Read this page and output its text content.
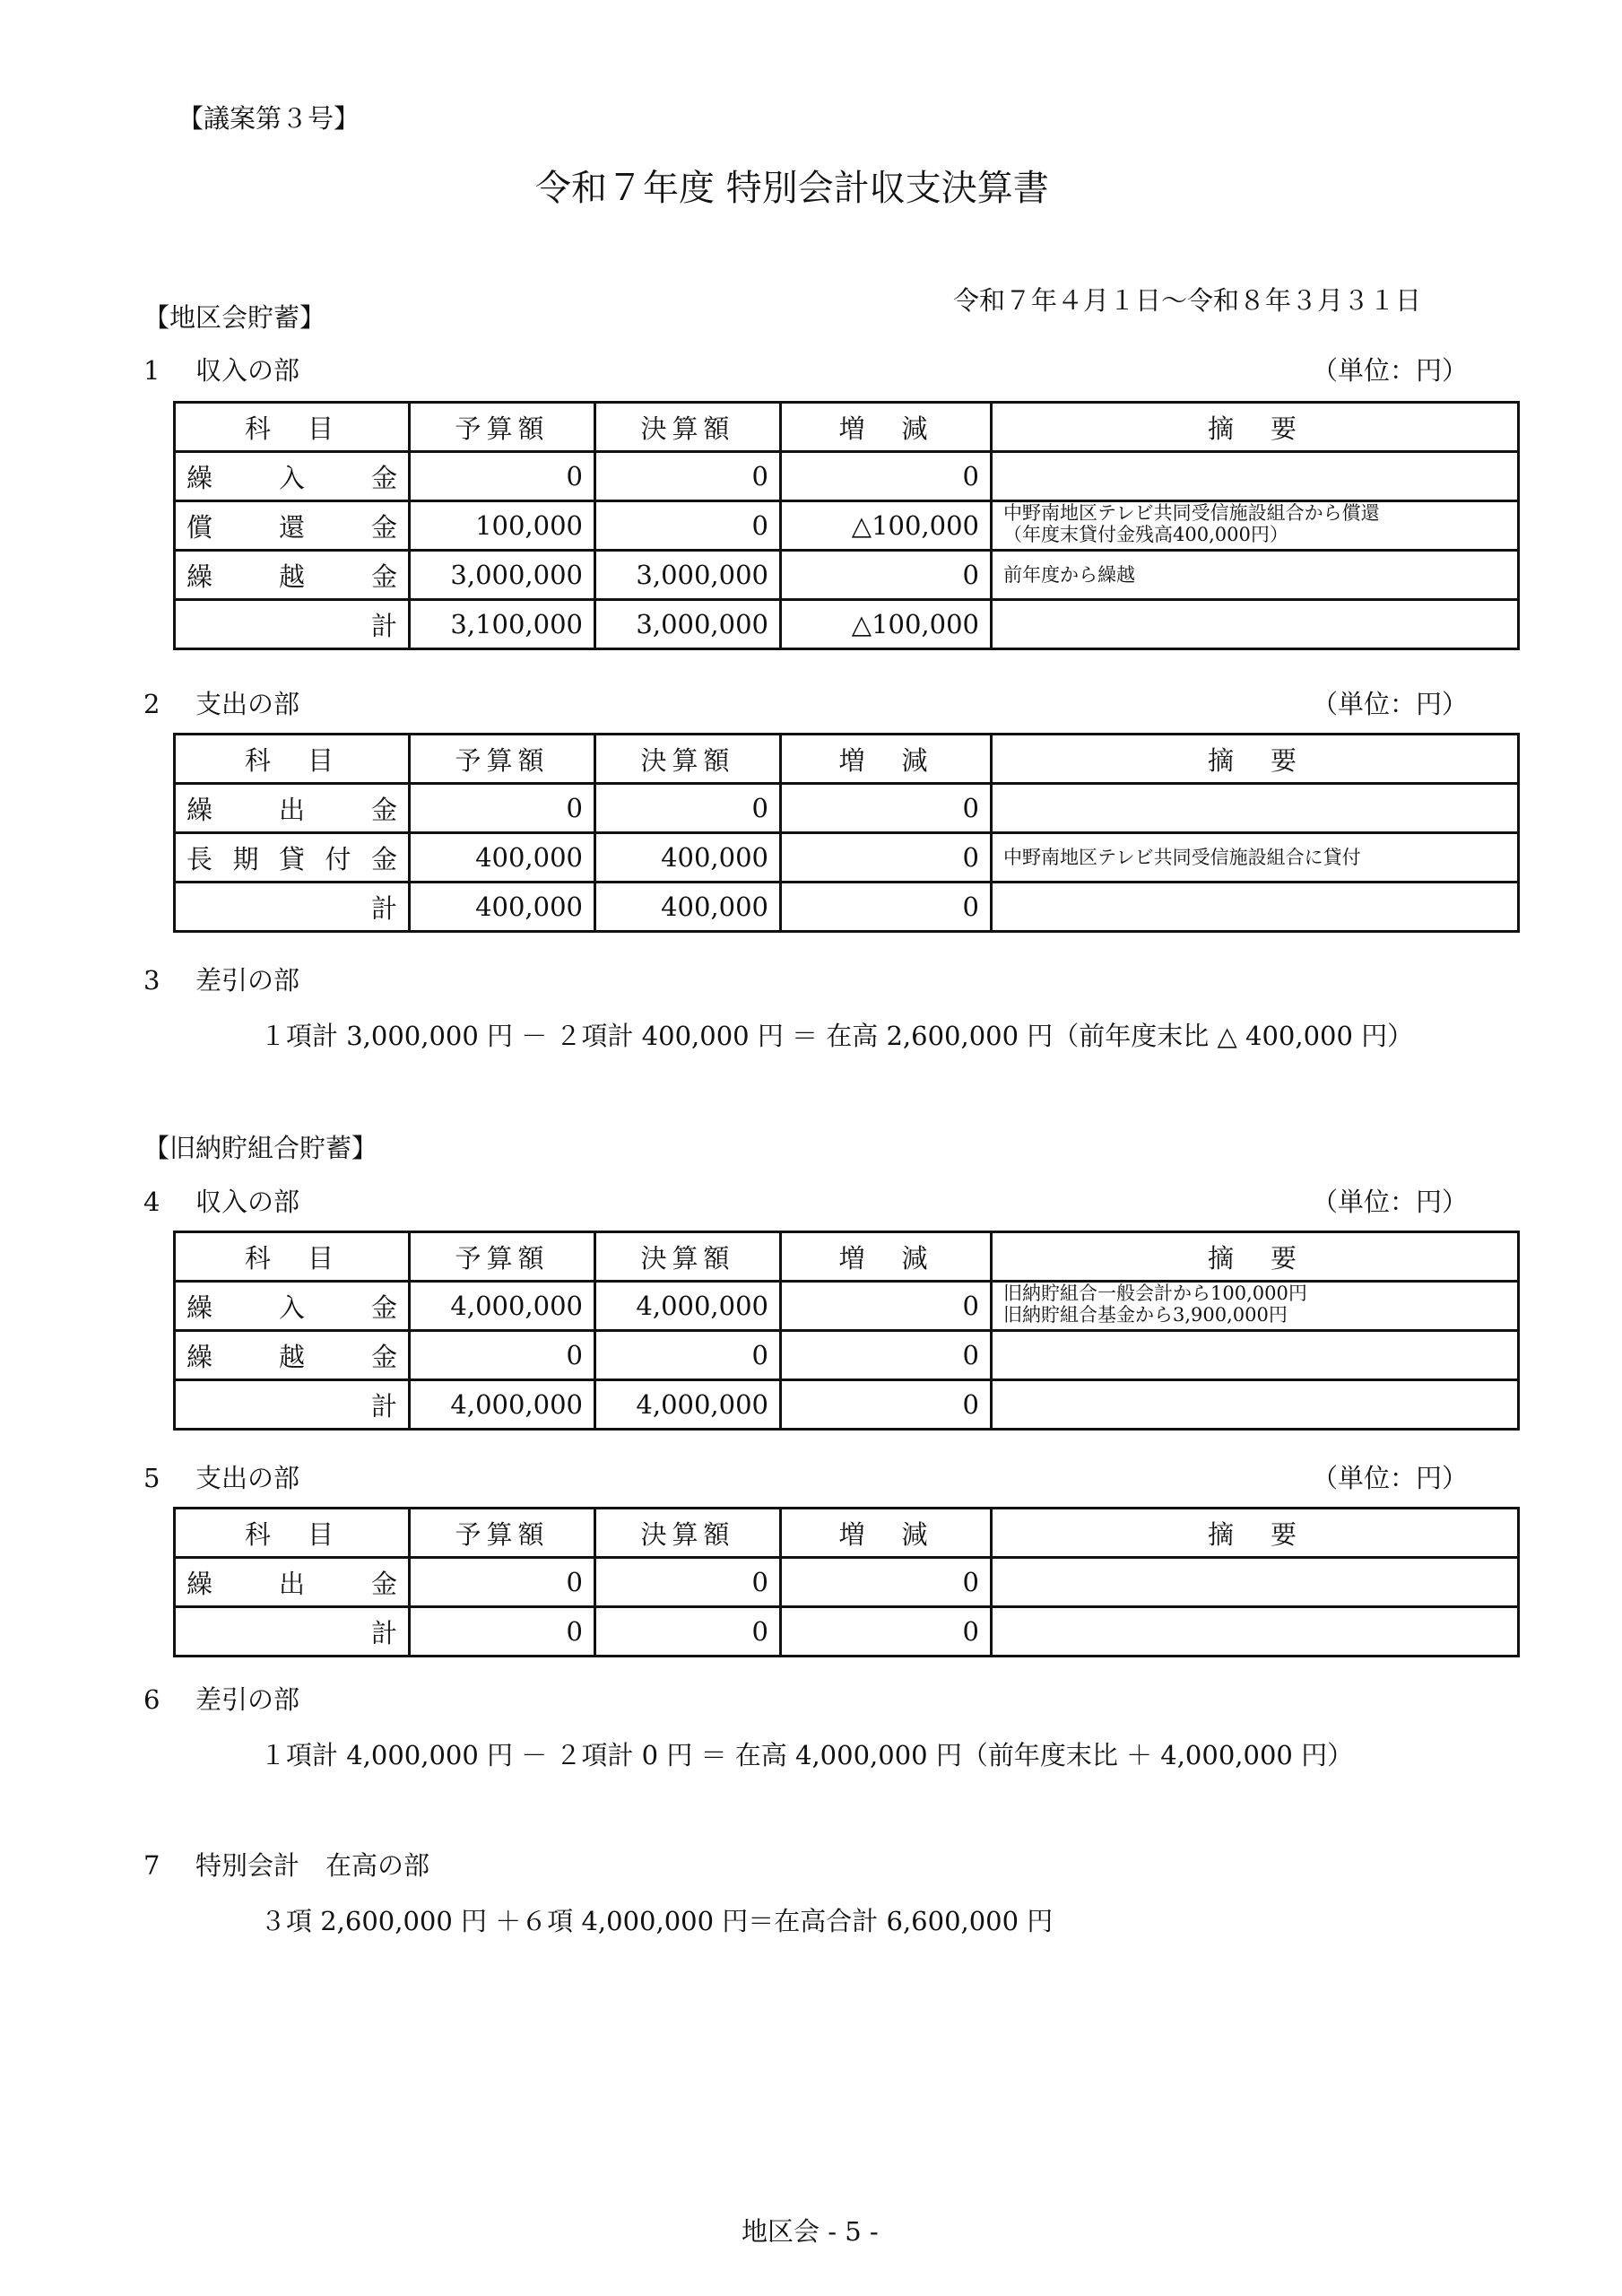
【議案第３号】
令和７年度 特別会計収支決算書
令和７年４月１日～令和８年３月３１日
【地区会貯蓄】
1 収入の部	（単位：円）
科　目	予算額	決算額	増　減	摘　要
繰入金	0	0	0	
償還金	100,000	0	△100,000	中野南地区テレビ共同受信施設組合から償還
（年度末貸付金残高400,000円）
繰越金	3,000,000	3,000,000	0	前年度から繰越
計	3,100,000	3,000,000	△100,000	
2 支出の部	（単位：円）
科　目	予算額	決算額	増　減	摘　要
繰出金	0	0	0	
長期貸付金	400,000	400,000	0	中野南地区テレビ共同受信施設組合に貸付
計	400,000	400,000	0	
3 差引の部
１項計 3,000,000 円 － ２項計 400,000 円 ＝ 在高 2,600,000 円（前年度末比 △ 400,000 円）
【旧納貯組合貯蓄】
4 収入の部	（単位：円）
科　目	予算額	決算額	増　減	摘　要
繰入金	4,000,000	4,000,000	0	旧納貯組合一般会計から100,000円
旧納貯組合基金から3,900,000円
繰越金	0	0	0	
計	4,000,000	4,000,000	0	
5 支出の部	（単位：円）
科　目	予算額	決算額	増　減	摘　要
繰出金	0	0	0	
計	0	0	0	
6 差引の部
１項計 4,000,000 円 － ２項計 0 円 ＝ 在高 4,000,000 円（前年度末比 ＋ 4,000,000 円）
7 特別会計　在高の部
３項 2,600,000 円 ＋６項 4,000,000 円＝在高合計 6,600,000 円
地区会 - 5 -
